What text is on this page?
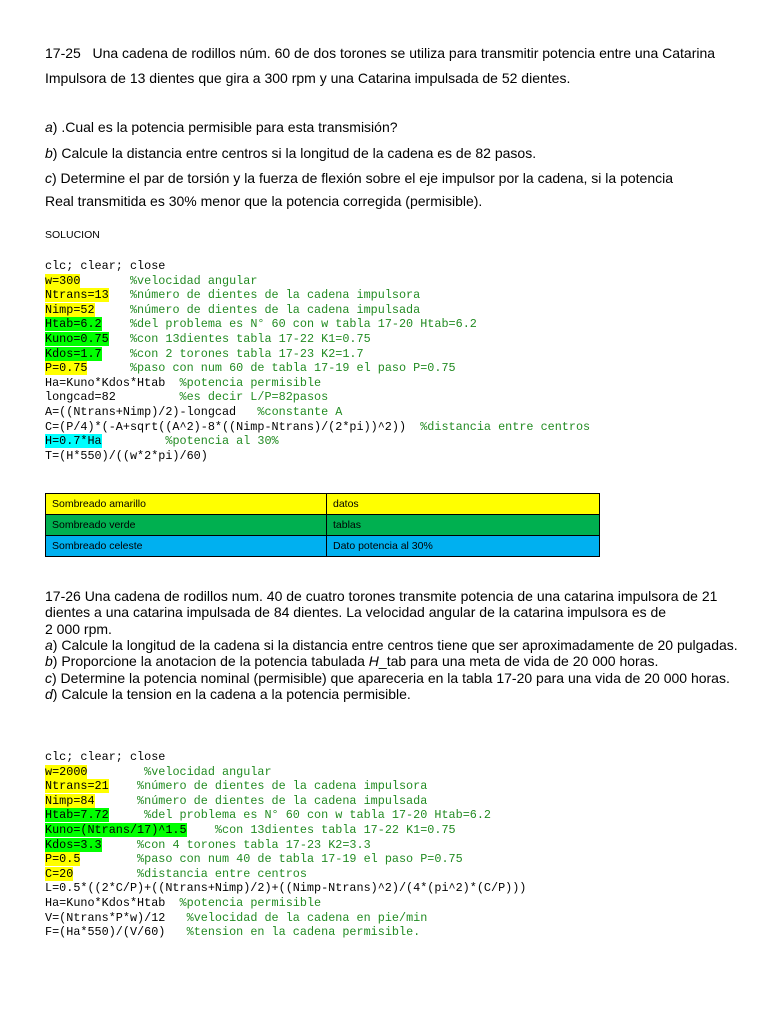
17-25   Una cadena de rodillos núm. 60 de dos torones se utiliza para transmitir potencia entre una Catarina
Impulsora de 13 dientes que gira a 300 rpm y una Catarina impulsada de 52 dientes.
a) .Cual es la potencia permisible para esta transmisión?
b) Calcule la distancia entre centros si la longitud de la cadena es de 82 pasos.
c) Determine el par de torsión y la fuerza de flexión sobre el eje impulsor por la cadena, si la potencia
Real transmitida es 30% menor que la potencia corregida (permisible).
SOLUCION
clc; clear; close
w=300	%velocidad angular
Ntrans=13 %número de dientes de la cadena impulsora
Nimp=52	%número de dientes de la cadena impulsada
Htab=6.2 %del problema es N° 60 con w tabla 17-20 Htab=6.2
Kuno=0.75 %con 13dientes tabla 17-22 K1=0.75
Kdos=1.7 %con 2 torones tabla 17-23 K2=1.7
P=0.75	%paso con num 60 de tabla 17-19 el paso P=0.75
Ha=Kuno*Kdos*Htab %potencia permisible
longcad=82	%es decir L/P=82pasos
A=((Ntrans+Nimp)/2)-longcad %constante A
C=(P/4)*(-A+sqrt((A^2)-8*((Nimp-Ntrans)/(2*pi))^2)) %distancia entre centros
H=0.7*Ha	%potencia al 30%
T=(H*550)/((w*2*pi)/60)
Sombreado amarillo	datos
Sombreado verde	tablas
Sombreado celeste	Dato potencia al 30%
17-26 Una cadena de rodillos num. 40 de cuatro torones transmite potencia de una catarina impulsora de 21
dientes a una catarina impulsada de 84 dientes. La velocidad angular de la catarina impulsora es de
2 000 rpm.
a) Calcule la longitud de la cadena si la distancia entre centros tiene que ser aproximadamente de 20 pulgadas.
b) Proporcione la anotacion de la potencia tabulada H_tab para una meta de vida de 20 000 horas.
c) Determine la potencia nominal (permisible) que apareceria en la tabla 17-20 para una vida de 20 000 horas.
d) Calcule la tension en la cadena a la potencia permisible.
clc; clear; close
w=2000	%velocidad angular
Ntrans=21 %número de dientes de la cadena impulsora
Nimp=84	%número de dientes de la cadena impulsada
Htab=7.72	%del problema es N° 60 con w tabla 17-20 Htab=6.2
Kuno=(Ntrans/17)^1.5 %con 13dientes tabla 17-22 K1=0.75
Kdos=3.3	%con 4 torones tabla 17-23 K2=3.3
P=0.5	%paso con num 40 de tabla 17-19 el paso P=0.75
C=20	%distancia entre centros
L=0.5*((2*C/P)+((Ntrans+Nimp)/2)+((Nimp-Ntrans)^2)/(4*(pi^2)*(C/P)))
Ha=Kuno*Kdos*Htab %potencia permisible
V=(Ntrans*P*w)/12 %velocidad de la cadena en pie/min
F=(Ha*550)/(V/60) %tension en la cadena permisible.
